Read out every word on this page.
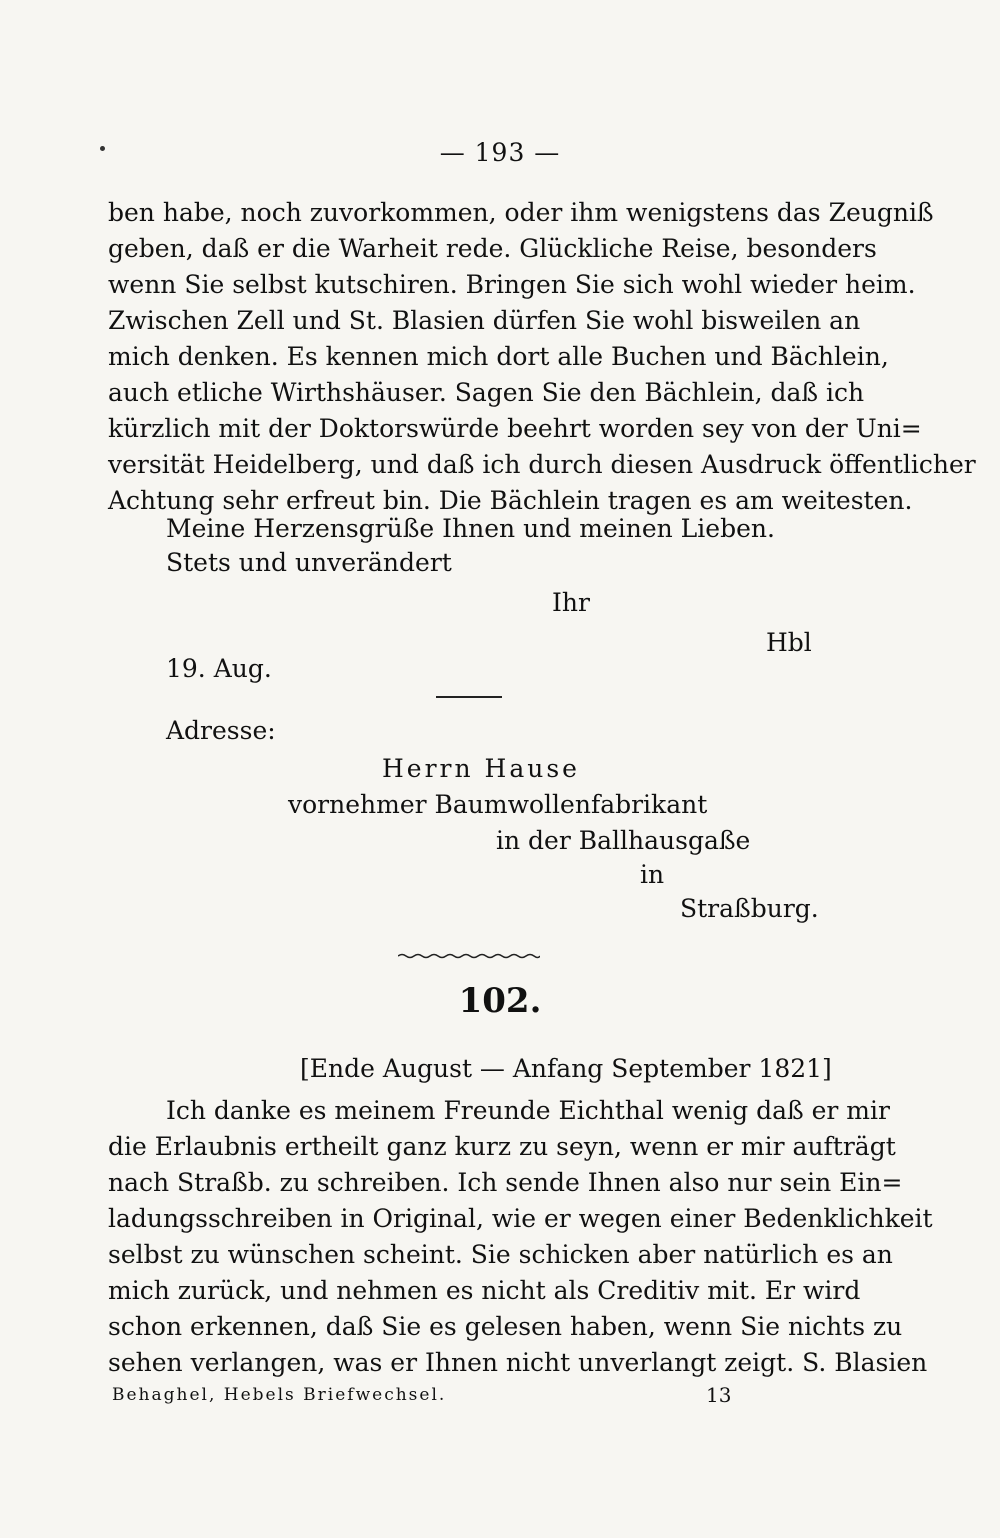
— 193 —
ben habe, noch zuvorkommen, oder ihm wenigstens das Zeugniß
geben, daß er die Warheit rede. Glückliche Reise, besonders
wenn Sie selbst kutschiren. Bringen Sie sich wohl wieder heim.
Zwischen Zell und St. Blasien dürfen Sie wohl bisweilen an
mich denken. Es kennen mich dort alle Buchen und Bächlein,
auch etliche Wirthshäuser. Sagen Sie den Bächlein, daß ich
kürzlich mit der Doktorswürde beehrt worden sey von der Uni=
versität Heidelberg, und daß ich durch diesen Ausdruck öffentlicher
Achtung sehr erfreut bin. Die Bächlein tragen es am weitesten.
Meine Herzensgrüße Ihnen und meinen Lieben.
Stets und unverändert
Ihr
Hbl
19. Aug.
Adresse:
Herrn Hause
vornehmer Baumwollenfabrikant
in der Ballhausgaße
in
Straßburg.
102.
[Ende August — Anfang September 1821]
Ich danke es meinem Freunde Eichthal wenig daß er mir
die Erlaubnis ertheilt ganz kurz zu seyn, wenn er mir aufträgt
nach Straßb. zu schreiben. Ich sende Ihnen also nur sein Ein=
ladungsschreiben in Original, wie er wegen einer Bedenklichkeit
selbst zu wünschen scheint. Sie schicken aber natürlich es an
mich zurück, und nehmen es nicht als Creditiv mit. Er wird
schon erkennen, daß Sie es gelesen haben, wenn Sie nichts zu
sehen verlangen, was er Ihnen nicht unverlangt zeigt. S. Blasien
Behaghel, Hebels Briefwechsel.	13
